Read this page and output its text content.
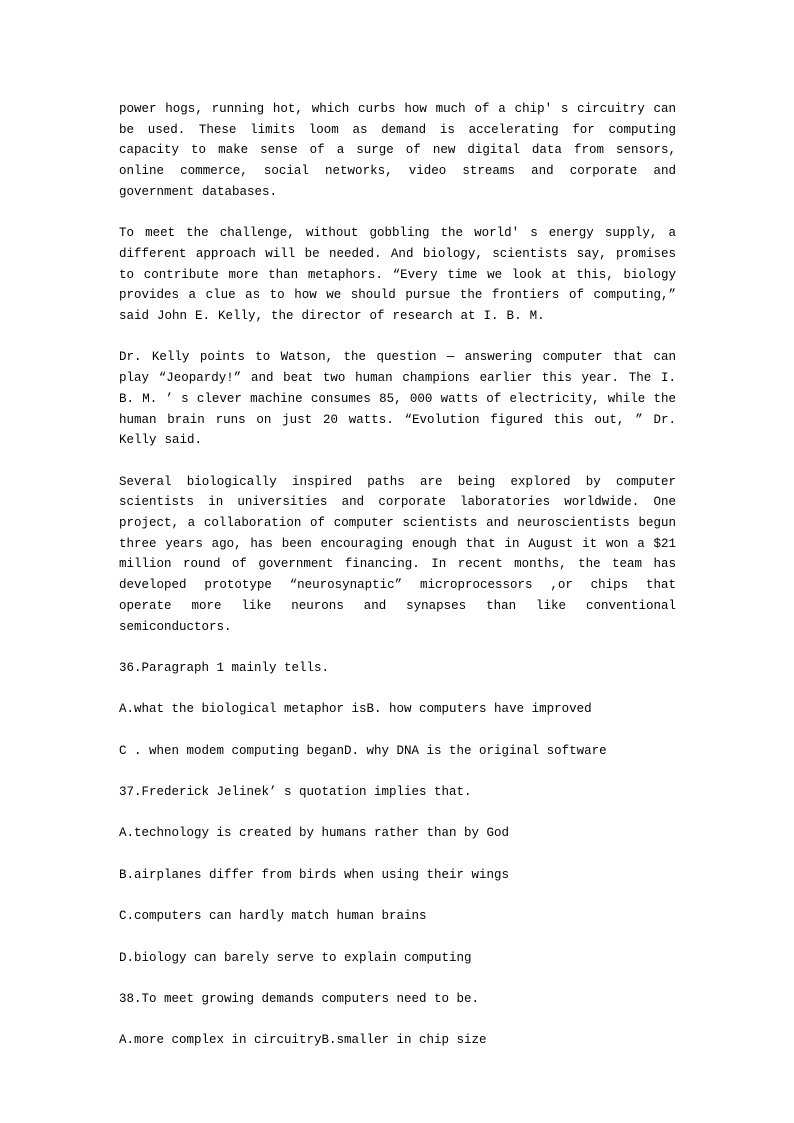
power hogs, running hot, which curbs how much of a chip' s circuitry can be used. These limits loom as demand is accelerating for computing capacity to make sense of a surge of new digital data from sensors, online commerce, social networks, video streams and corporate and government databases.

To meet the challenge, without gobbling the world' s energy supply, a different approach will be needed. And biology, scientists say, promises to contribute more than metaphors. “Every time we look at this, biology provides a clue as to how we should pursue the frontiers of computing,” said John E. Kelly, the director of research at I. B. M.

Dr. Kelly points to Watson, the question — answering computer that can play “Jeopardy!” and beat two human champions earlier this year. The I. B. M. ’ s clever machine consumes 85, 000 watts of electricity, while the human brain runs on just 20 watts. “Evolution figured this out, ” Dr. Kelly said.

Several biologically inspired paths are being explored by computer scientists in universities and corporate laboratories worldwide. One project, a collaboration of computer scientists and neuroscientists begun three years ago, has been encouraging enough that in August it won a $21 million round of government financing. In recent months, the team has developed prototype “neurosynaptic” microprocessors ,or chips that operate more like neurons and synapses than like conventional semiconductors.

36.Paragraph 1 mainly tells.

A.what the biological metaphor isB. how computers have improved

C . when modem computing beganD. why DNA is the original software

37.Frederick Jelinek’ s quotation implies that.

A.technology is created by humans rather than by God

B.airplanes differ from birds when using their wings

C.computers can hardly match human brains

D.biology can barely serve to explain computing

38.To meet growing demands computers need to be.

A.more complex in circuitryB.smaller in chip size
